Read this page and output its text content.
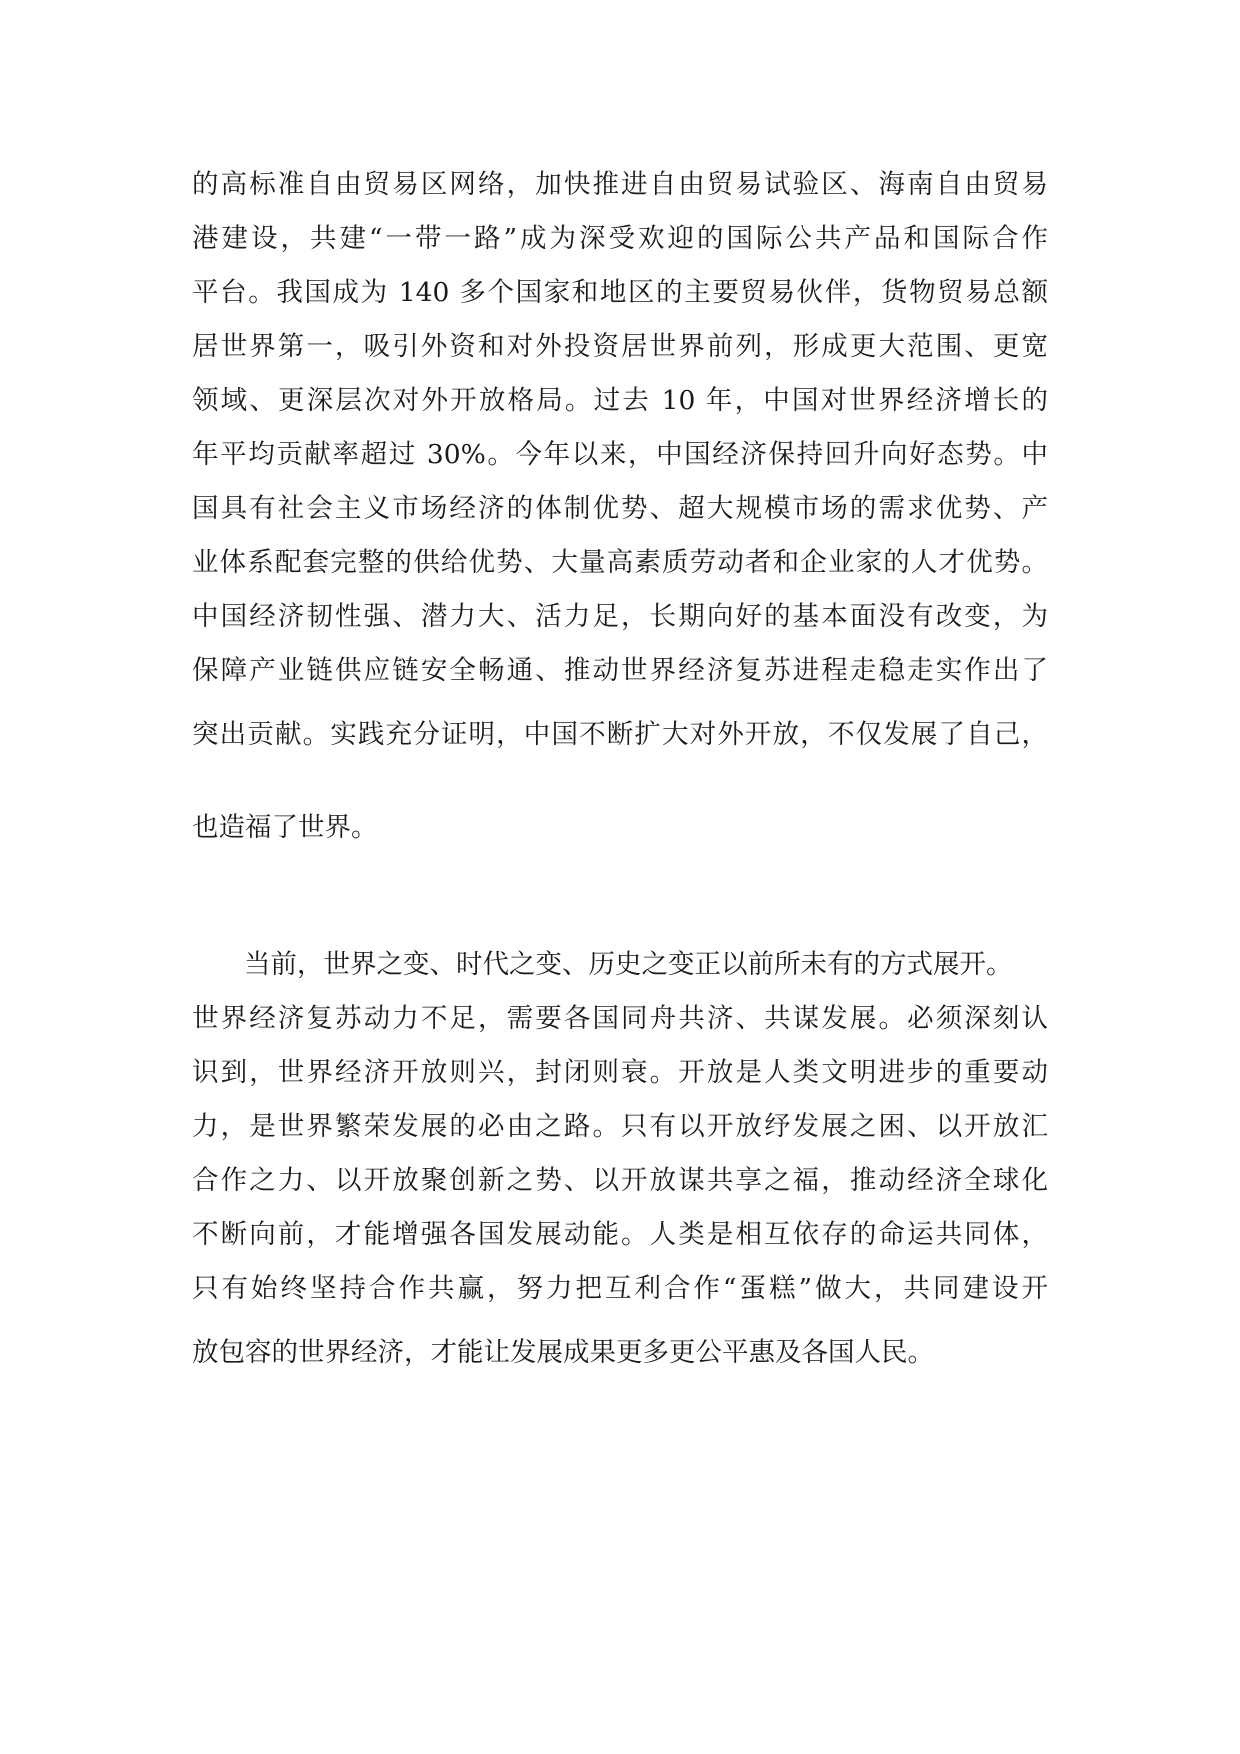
的高标准自由贸易区网络，加快推进自由贸易试验区、海南自由贸易

港建设，共建“一带一路”成为深受欢迎的国际公共产品和国际合作

平台。我国成为 140 多个国家和地区的主要贸易伙伴，货物贸易总额

居世界第一，吸引外资和对外投资居世界前列，形成更大范围、更宽

领域、更深层次对外开放格局。过去 10 年，中国对世界经济增长的

年平均贡献率超过 30%。今年以来，中国经济保持回升向好态势。中

国具有社会主义市场经济的体制优势、超大规模市场的需求优势、产

业体系配套完整的供给优势、大量高素质劳动者和企业家的人才优势。

中国经济韧性强、潜力大、活力足，长期向好的基本面没有改变，为

保障产业链供应链安全畅通、推动世界经济复苏进程走稳走实作出了

突出贡献。实践充分证明，中国不断扩大对外开放，不仅发展了自己，

也造福了世界。

当前，世界之变、时代之变、历史之变正以前所未有的方式展开。

世界经济复苏动力不足，需要各国同舟共济、共谋发展。必须深刻认

识到，世界经济开放则兴，封闭则衰。开放是人类文明进步的重要动

力，是世界繁荣发展的必由之路。只有以开放纾发展之困、以开放汇

合作之力、以开放聚创新之势、以开放谋共享之福，推动经济全球化

不断向前，才能增强各国发展动能。人类是相互依存的命运共同体，

只有始终坚持合作共赢，努力把互利合作“蛋糕”做大，共同建设开

放包容的世界经济，才能让发展成果更多更公平惠及各国人民。
